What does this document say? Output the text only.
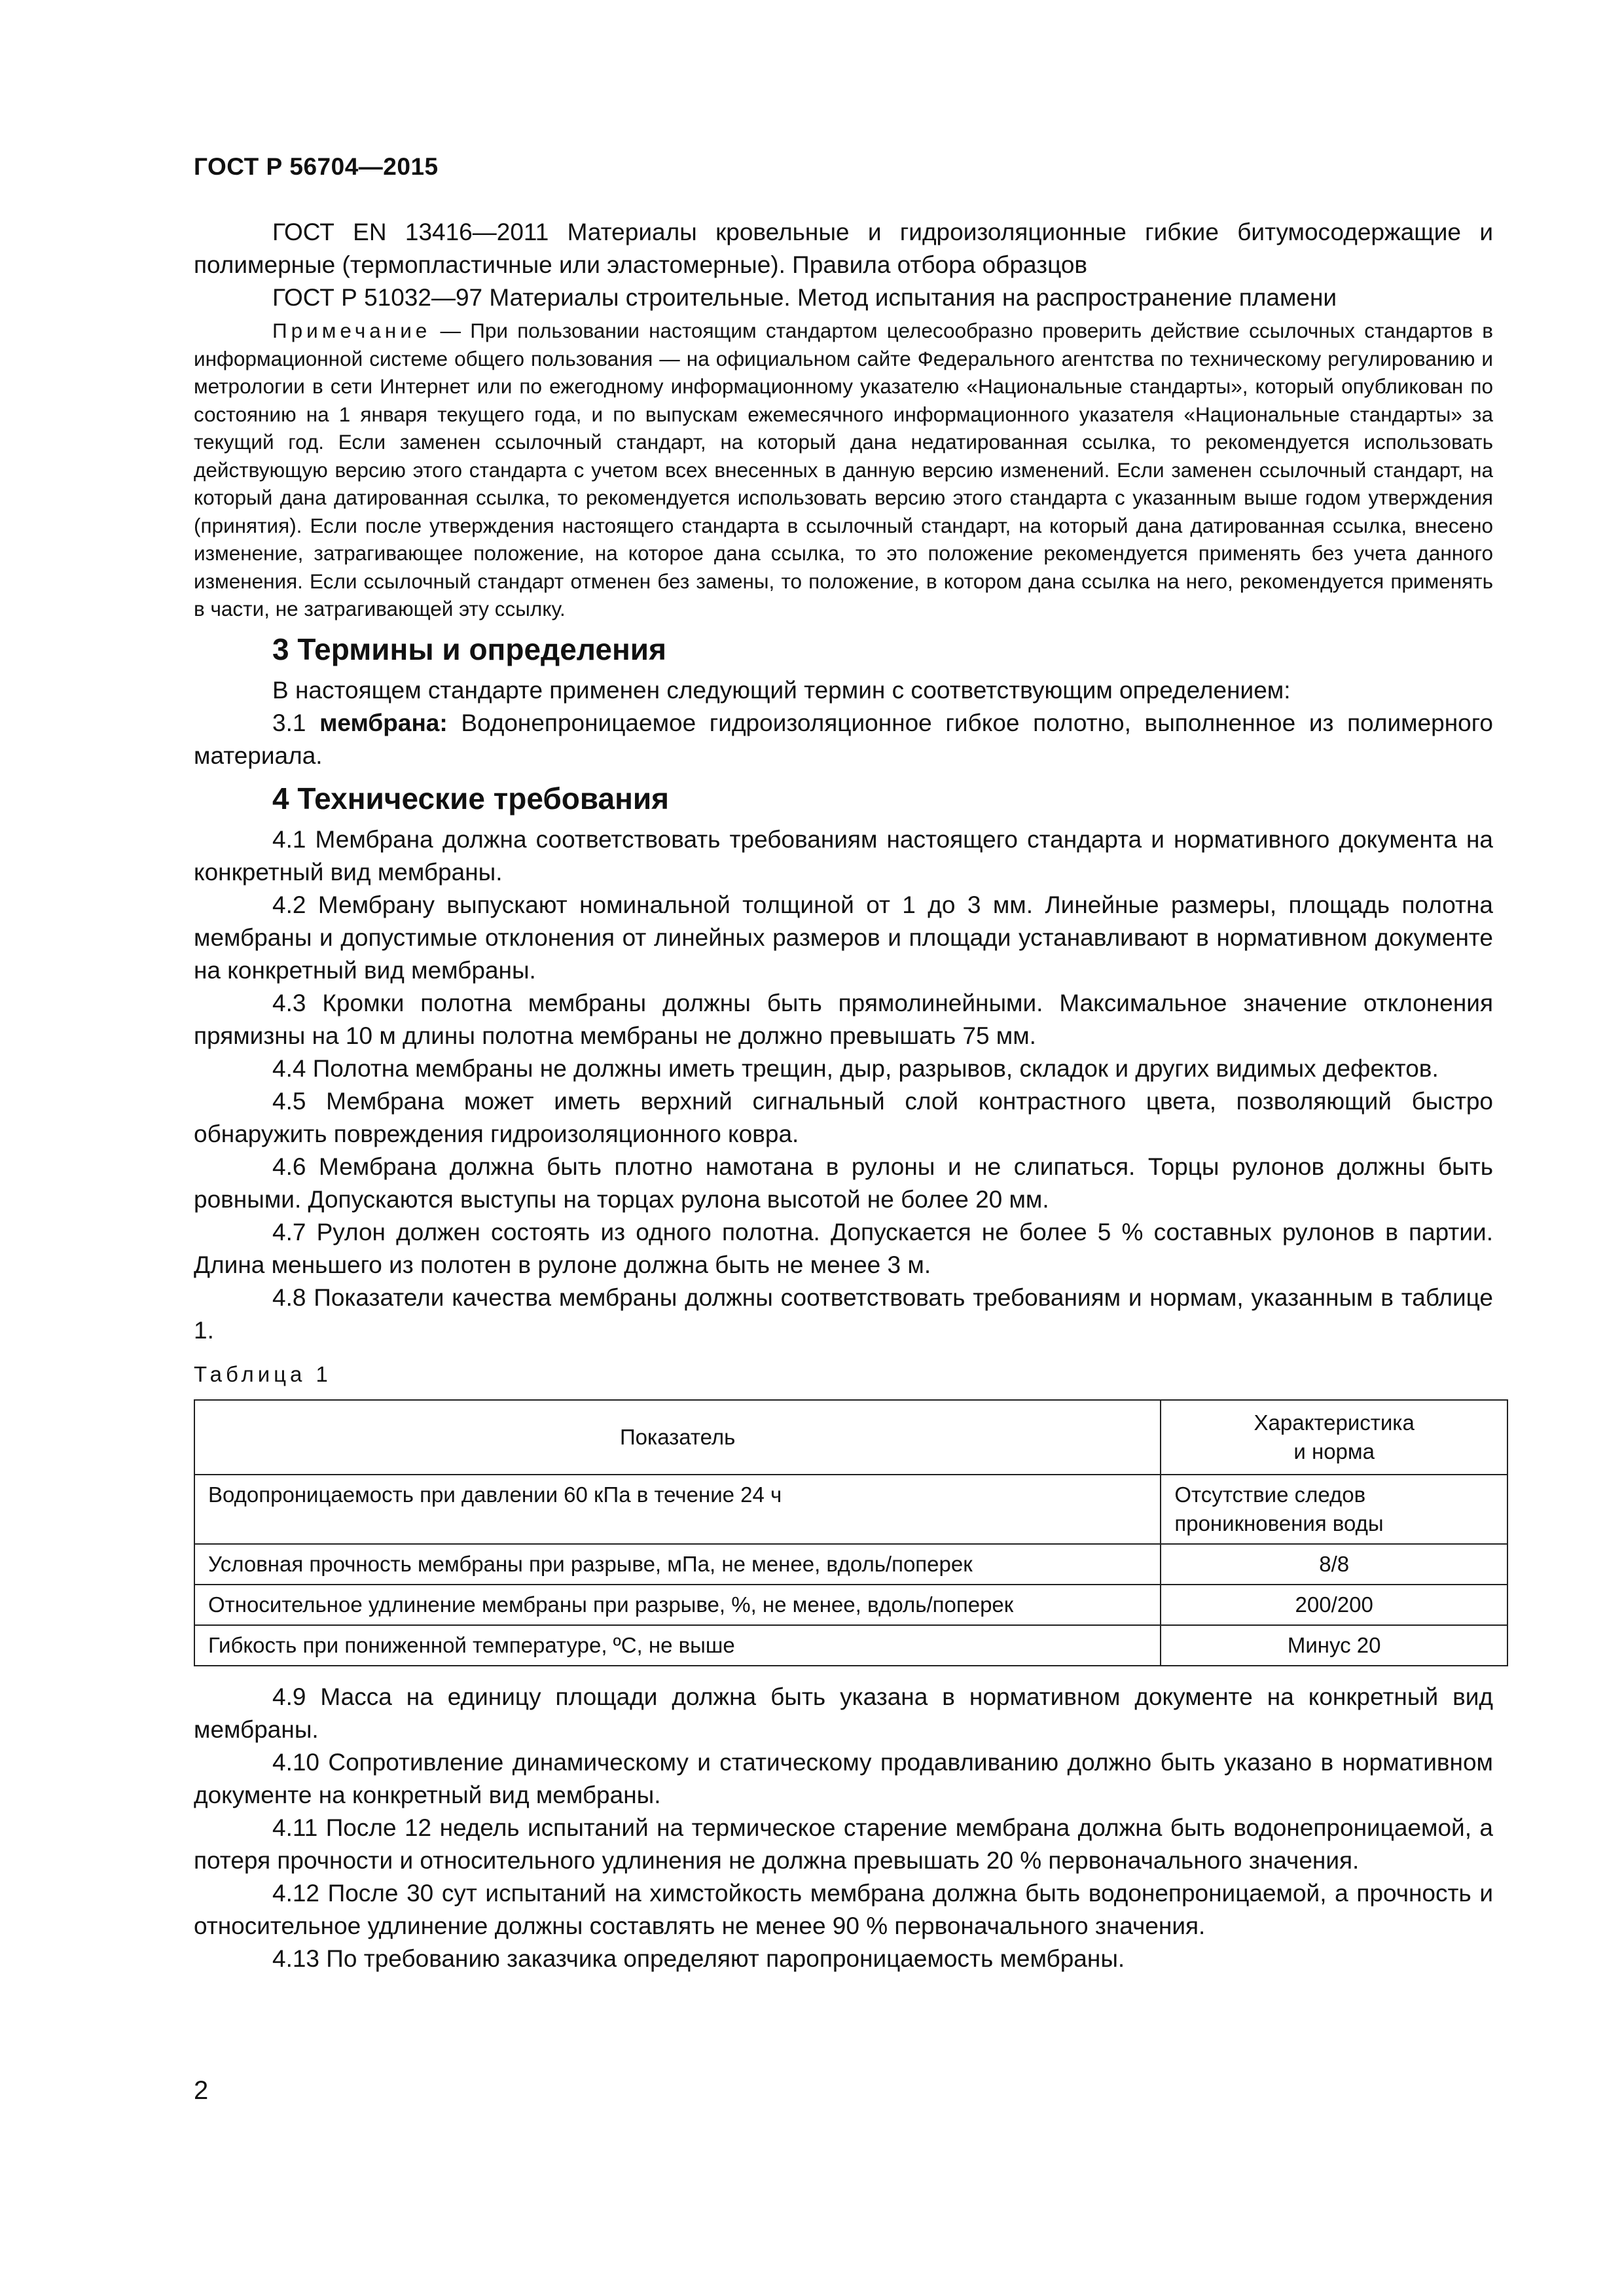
ГОСТ Р 56704—2015

ГОСТ EN 13416—2011 Материалы кровельные и гидроизоляционные гибкие битумосодержащие и полимерные (термопластичные или эластомерные). Правила отбора образцов

ГОСТ Р 51032—97 Материалы строительные. Метод испытания на распространение пламени

Примечание — При пользовании настоящим стандартом целесообразно проверить действие ссылочных стандартов в информационной системе общего пользования — на официальном сайте Федерального агентства по техническому регулированию и метрологии в сети Интернет или по ежегодному информационному указателю «Национальные стандарты», который опубликован по состоянию на 1 января текущего года, и по выпускам ежемесячного информационного указателя «Национальные стандарты» за текущий год. Если заменен ссылочный стандарт, на который дана недатированная ссылка, то рекомендуется использовать действующую версию этого стандарта с учетом всех внесенных в данную версию изменений. Если заменен ссылочный стандарт, на который дана датированная ссылка, то рекомендуется использовать версию этого стандарта с указанным выше годом утверждения (принятия). Если после утверждения настоящего стандарта в ссылочный стандарт, на который дана датированная ссылка, внесено изменение, затрагивающее положение, на которое дана ссылка, то это положение рекомендуется применять без учета данного изменения. Если ссылочный стандарт отменен без замены, то положение, в котором дана ссылка на него, рекомендуется применять в части, не затрагивающей эту ссылку.

3 Термины и определения

В настоящем стандарте применен следующий термин с соответствующим определением:

3.1 мембрана: Водонепроницаемое гидроизоляционное гибкое полотно, выполненное из полимерного материала.

4 Технические требования

4.1 Мембрана должна соответствовать требованиям настоящего стандарта и нормативного документа на конкретный вид мембраны.

4.2 Мембрану выпускают номинальной толщиной от 1 до 3 мм. Линейные размеры, площадь полотна мембраны и допустимые отклонения от линейных размеров и площади устанавливают в нормативном документе на конкретный вид мембраны.

4.3 Кромки полотна мембраны должны быть прямолинейными. Максимальное значение отклонения прямизны на 10 м длины полотна мембраны не должно превышать 75 мм.

4.4 Полотна мембраны не должны иметь трещин, дыр, разрывов, складок и других видимых дефектов.

4.5 Мембрана может иметь верхний сигнальный слой контрастного цвета, позволяющий быстро обнаружить повреждения гидроизоляционного ковра.

4.6 Мембрана должна быть плотно намотана в рулоны и не слипаться. Торцы рулонов должны быть ровными. Допускаются выступы на торцах рулона высотой не более 20 мм.

4.7 Рулон должен состоять из одного полотна. Допускается не более 5 % составных рулонов в партии. Длина меньшего из полотен в рулоне должна быть не менее 3 м.

4.8 Показатели качества мембраны должны соответствовать требованиям и нормам, указанным в таблице 1.

Таблица 1

Показатель	Характеристика
и норма
Водопроницаемость при давлении 60 кПа в течение 24 ч	Отсутствие следов проникновения воды
Условная прочность мембраны при разрыве, мПа, не менее, вдоль/поперек	8/8
Относительное удлинение мембраны при разрыве, %, не менее, вдоль/поперек	200/200
Гибкость при пониженной температуре, ºС, не выше	Минус 20

4.9 Масса на единицу площади должна быть указана в нормативном документе на конкретный вид мембраны.

4.10 Сопротивление динамическому и статическому продавливанию должно быть указано в нормативном документе на конкретный вид мембраны.

4.11 После 12 недель испытаний на термическое старение мембрана должна быть водонепроницаемой, а потеря прочности и относительного удлинения не должна превышать 20 % первоначального значения.

4.12 После 30 сут испытаний на химстойкость мембрана должна быть водонепроницаемой, а прочность и относительное удлинение должны составлять не менее 90 % первоначального значения.

4.13 По требованию заказчика определяют паропроницаемость мембраны.

2
